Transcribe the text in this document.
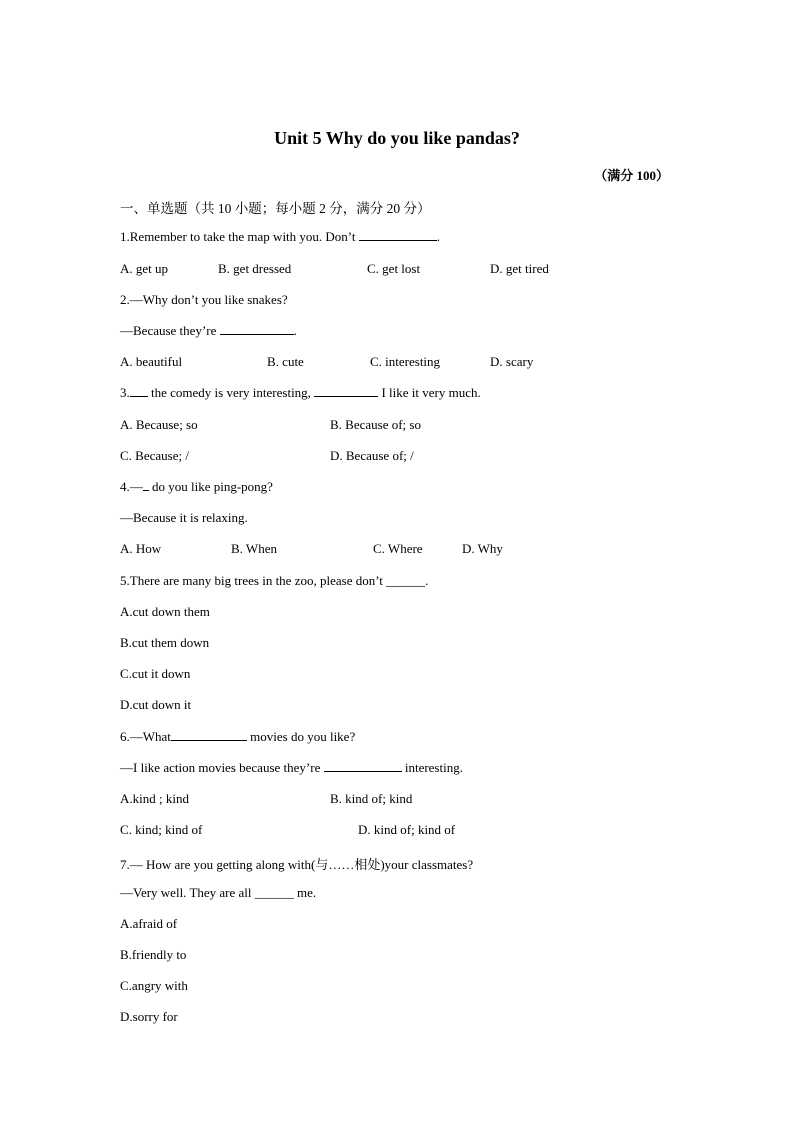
Unit 5 Why do you like pandas?
（满分 100）
一、单选题（共 10 小题；每小题 2 分，满分 20 分）
1.Remember to take the map with you. Don’t	.
A. get up	B. get dressed	C. get lost	D. get tired
2.—Why don’t you like snakes?
—Because they’re	.
A. beautiful	B. cute	C. interesting	D. scary
3. the comedy is very interesting,	I like it very much.
A. Because; so	B. Because of; so
C. Because; /	D. Because of; /
4.— do you like ping-pong?
—Because it is relaxing.
A. How	B. When	C. Where	D. Why
5.There are many big trees in the zoo, please don’t ______.
A.cut down them
B.cut them down
C.cut it down
D.cut down it
6.—What	movies do you like?
—I like action movies because they’re	interesting.
A.kind ; kind	B. kind of; kind
C. kind; kind of	D. kind of; kind of
7.— How are you getting along with(与……相处)your classmates?
—Very well. They are all ______ me.
A.afraid of
B.friendly to
C.angry with
D.sorry for
